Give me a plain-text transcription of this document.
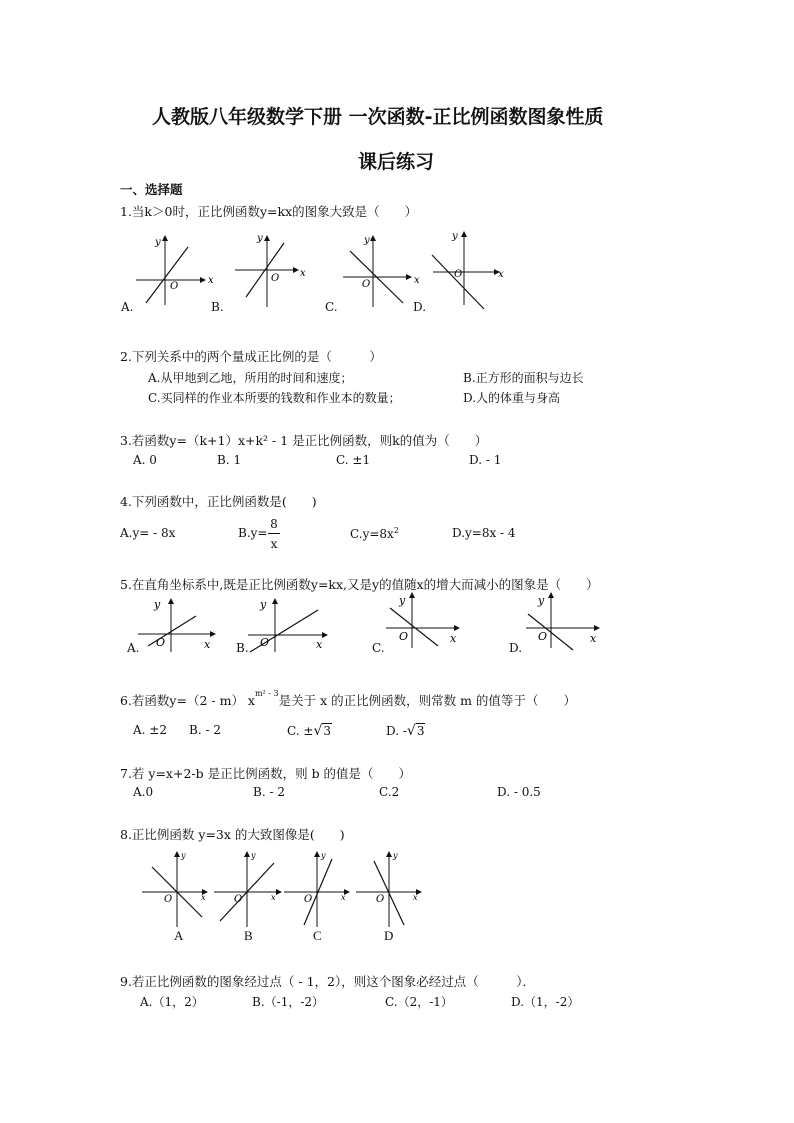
人教版八年级数学下册 一次函数-正比例函数图象性质
课后练习
一、选择题
1.当k＞0时，正比例函数y=kx的图象大致是（　　）
O
x
y
O x
y
O	x
y
O	x
y
A.	B.	C.	D.
2.下列关系中的两个量成正比例的是（　　　）
A.从甲地到乙地，所用的时间和速度；	B.正方形的面积与边长
C.买同样的作业本所要的钱数和作业本的数量；	D.人的体重与身高
3.若函数y=（k+1）x+k² - 1 是正比例函数，则k的值为（　　）
A. 0	B. 1	C. ±1	D. - 1
4.下列函数中，正比例函数是(　　)
A.y= - 8x	B.y=
8
x
$C.y=8x^2$	D.y=8x - 4
5.在直角坐标系中,既是正比例函数y=kx,又是y的值随x的增大而减小的图象是（　　）
O	x
y
O	x
y
O	x
y
O	x
y
A.	B.	C.	D.
6.若函数y=（2 - m） $x^{m^2 - 3}$是关于 x 的正比例函数，则常数 m 的值等于（　　）
A. ±2 B. - 2	C. ±√3	D. -√3
7.若 y=x+2-b 是正比例函数，则 b 的值是（　　）
A.0	B. - 2	C.2	D. - 0.5
8.正比例函数 y=3x 的大致图像是(　　)
O	x
y
O	x
y
O	x
y
O	x
y
A	B	C	D
9.若正比例函数的图象经过点（ - 1，2），则这个图象必经过点（　　　）．
A.（1，2）	B.（-1，-2）	C.（2，-1）	D.（1，-2）
